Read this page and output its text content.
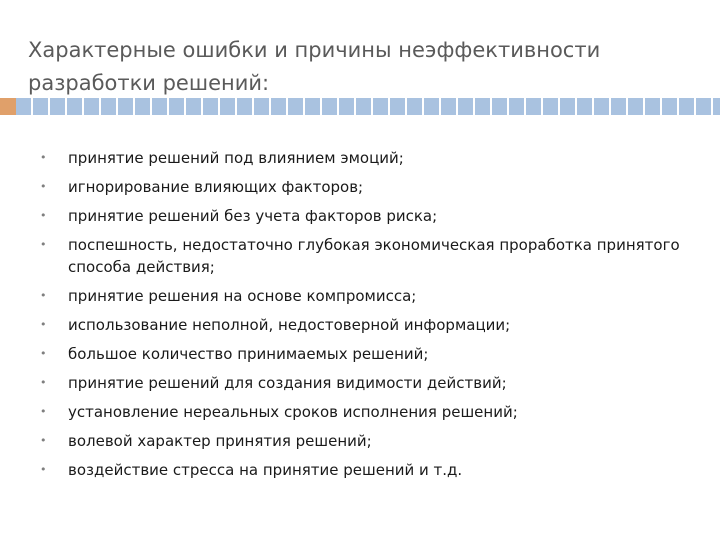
Характерные ошибки и причины неэффективности разработки решений:
• принятие решений под влиянием эмоций;
• игнорирование влияющих факторов;
• принятие решений без учета факторов риска;
• поспешность, недостаточно глубокая экономическая проработка принятого способа действия;
• принятие решения на основе компромисса;
• использование неполной, недостоверной информации;
• большое количество принимаемых решений;
• принятие решений для создания видимости действий;
• установление нереальных сроков исполнения решений;
• волевой характер принятия решений;
• воздействие стресса на принятие решений и т.д.
